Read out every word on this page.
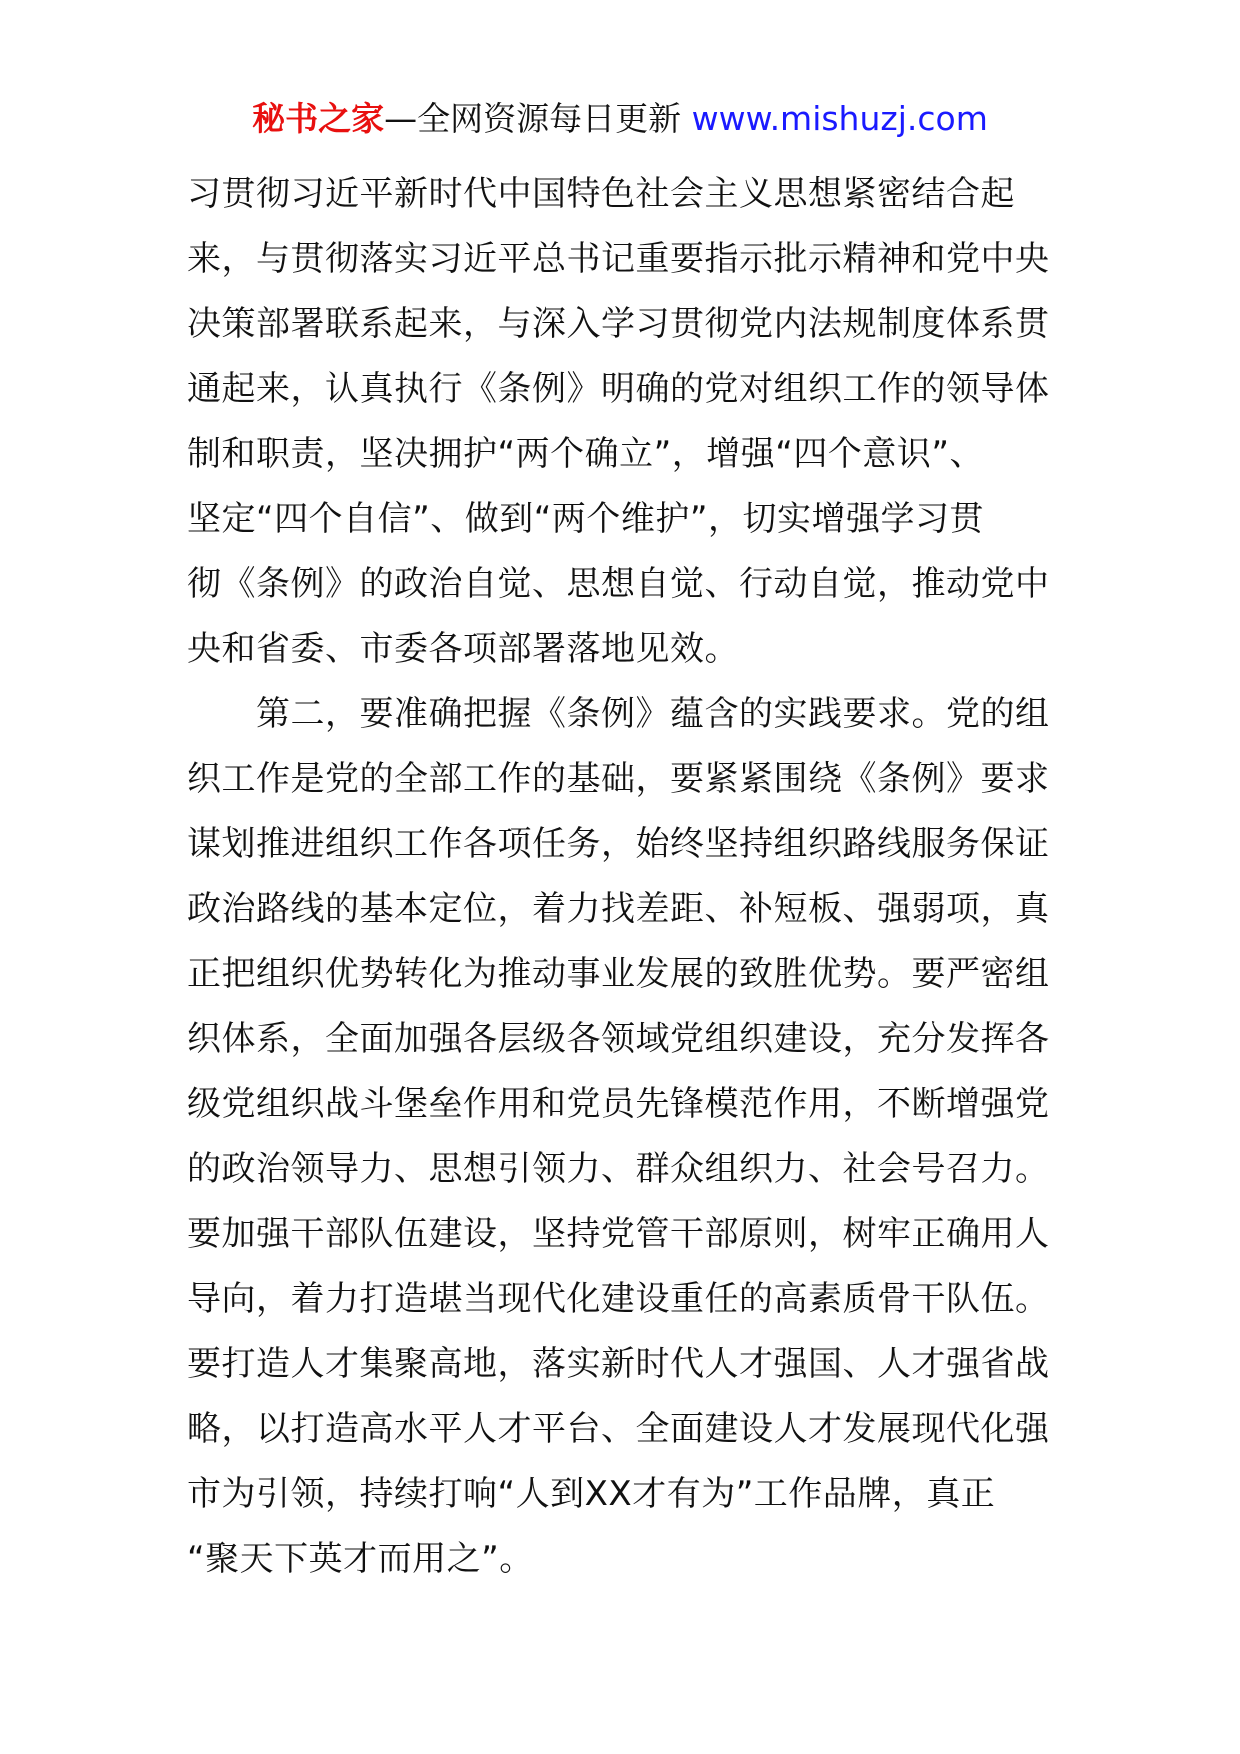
秘书之家—全网资源每日更新 www.mishuzj.com
习贯彻习近平新时代中国特色社会主义思想紧密结合起
来，与贯彻落实习近平总书记重要指示批示精神和党中央
决策部署联系起来，与深入学习贯彻党内法规制度体系贯
通起来，认真执行《条例》明确的党对组织工作的领导体
制和职责，坚决拥护“两个确立”，增强“四个意识”、
坚定“四个自信”、做到“两个维护”，切实增强学习贯
彻《条例》的政治自觉、思想自觉、行动自觉，推动党中
央和省委、市委各项部署落地见效。
　　第二，要准确把握《条例》蕴含的实践要求。党的组
织工作是党的全部工作的基础，要紧紧围绕《条例》要求
谋划推进组织工作各项任务，始终坚持组织路线服务保证
政治路线的基本定位，着力找差距、补短板、强弱项，真
正把组织优势转化为推动事业发展的致胜优势。要严密组
织体系，全面加强各层级各领域党组织建设，充分发挥各
级党组织战斗堡垒作用和党员先锋模范作用，不断增强党
的政治领导力、思想引领力、群众组织力、社会号召力。
要加强干部队伍建设，坚持党管干部原则，树牢正确用人
导向，着力打造堪当现代化建设重任的高素质骨干队伍。
要打造人才集聚高地，落实新时代人才强国、人才强省战
略，以打造高水平人才平台、全面建设人才发展现代化强
市为引领，持续打响“人到XX才有为”工作品牌，真正
“聚天下英才而用之”。
